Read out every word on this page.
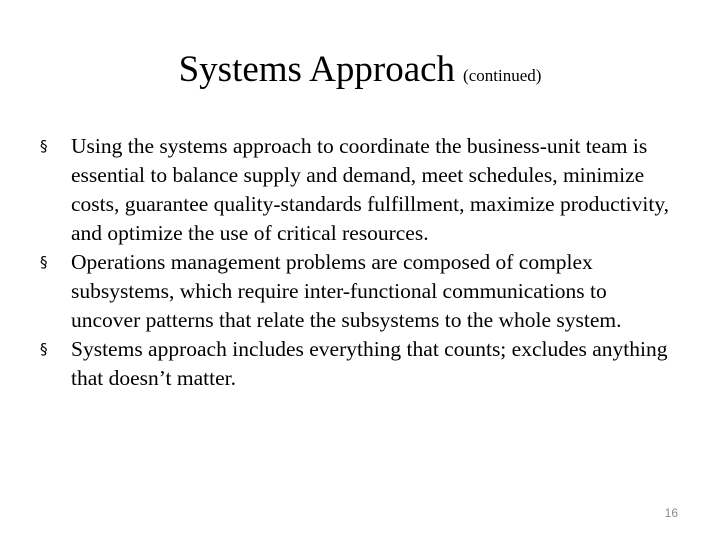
Systems Approach (continued)
§	Using the systems approach to coordinate the business-unit team is essential to balance supply and demand, meet schedules, minimize costs, guarantee quality-standards fulfillment, maximize productivity, and optimize the use of critical resources.
§	Operations management problems are composed of complex subsystems, which require inter-functional communications to uncover patterns that relate the subsystems to the whole system.
§	Systems approach includes everything that counts; excludes anything that doesn’t matter.
16
